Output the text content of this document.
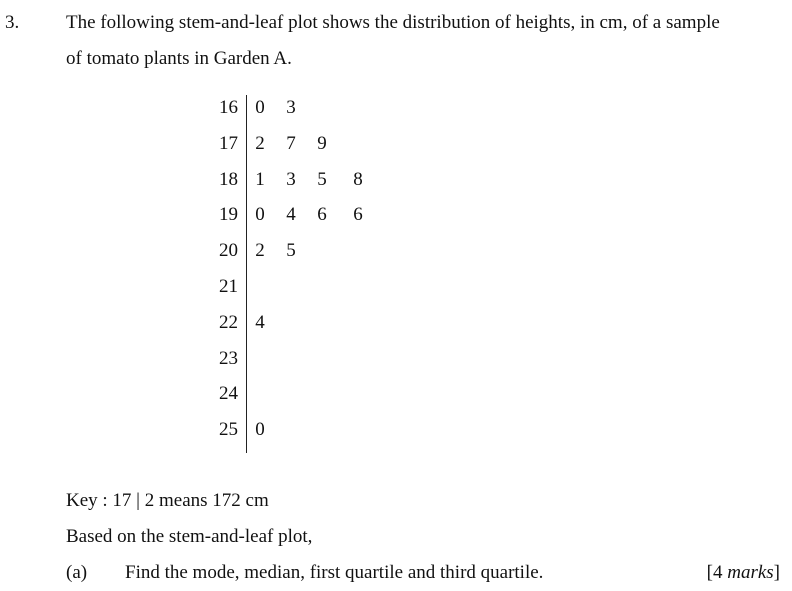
3. The following stem-and-leaf plot shows the distribution of heights, in cm, of a sample
of tomato plants in Garden A.
16 0 3
17 2 7 9
18 1 3 5 8
19 0 4 6 6
20 2 5
21
22 4
23
24
25 0
Key : 17 | 2 means 172 cm
Based on the stem-and-leaf plot,
(a) Find the mode, median, first quartile and third quartile.	[4 marks]
